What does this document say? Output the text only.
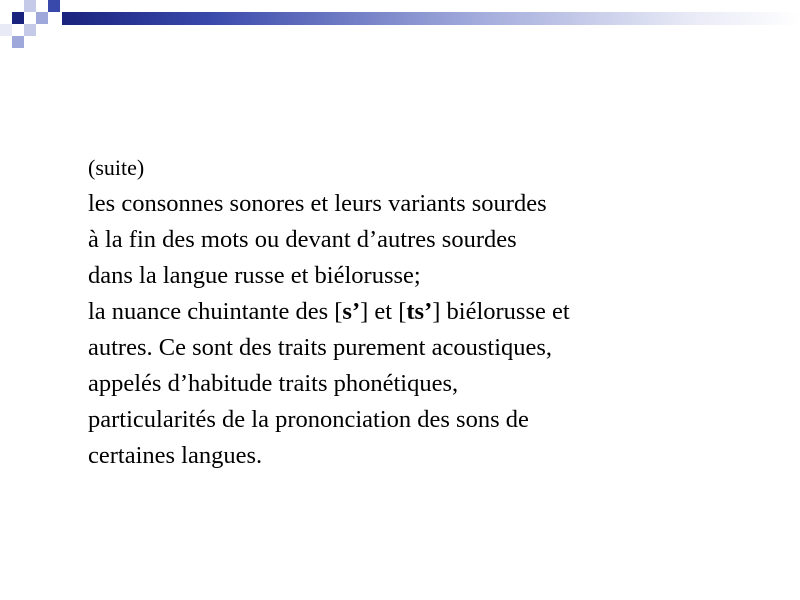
(suite)
les consonnes sonores et leurs variants sourdes
à la fin des mots ou devant d’autres sourdes
dans la langue russe et biélorusse;
la nuance chuintante des [s’] et [ts’] biélorusse et
autres. Ce sont des traits purement acoustiques,
appelés d’habitude traits phonétiques,
particularités de la prononciation des sons de
certaines langues.
